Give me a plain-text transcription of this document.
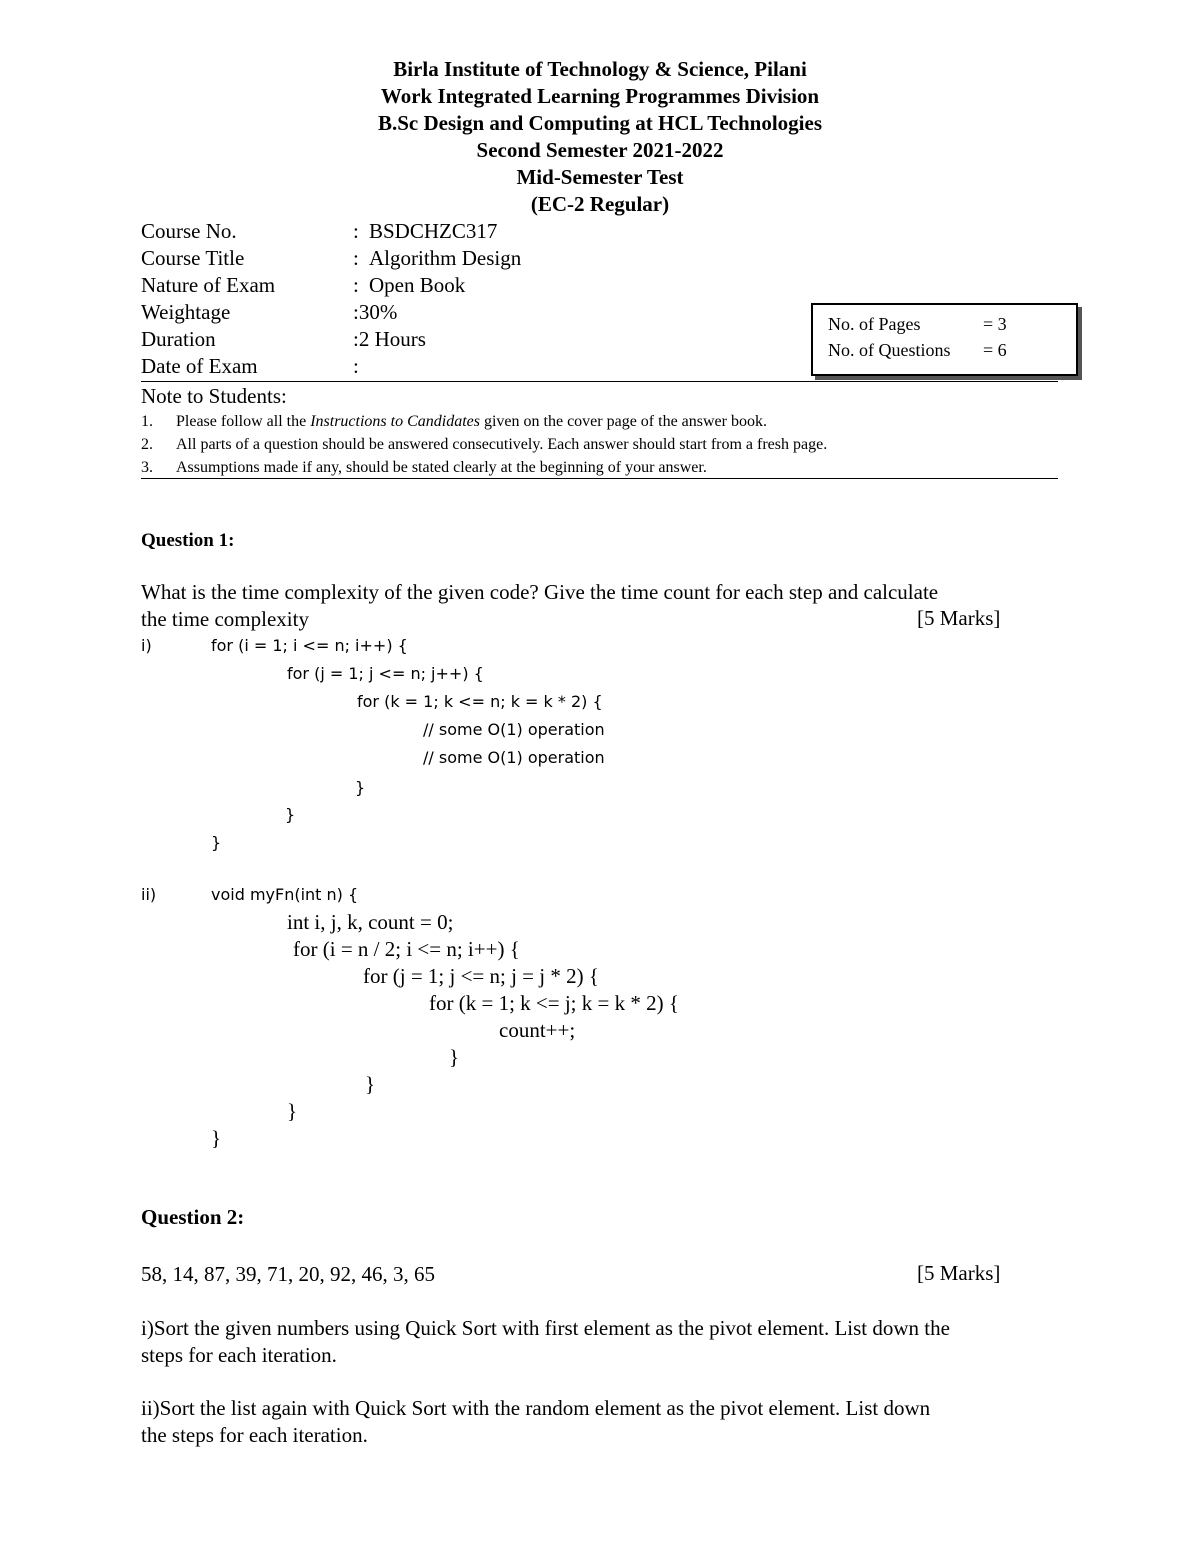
Birla Institute of Technology & Science, Pilani
Work Integrated Learning Programmes Division
B.Sc Design and Computing at HCL Technologies
Second Semester 2021-2022
Mid-Semester Test
(EC-2 Regular)
Course No.	: BSDCHZC317
Course Title	: Algorithm Design
Nature of Exam	: Open Book
Weightage	: 30%
Duration	: 2 Hours
Date of Exam	:
No. of Pages	= 3
No. of Questions	= 6
Note to Students:
1.	Please follow all the Instructions to Candidates given on the cover page of the answer book.
2.	All parts of a question should be answered consecutively. Each answer should start from a fresh page.
3.	Assumptions made if any, should be stated clearly at the beginning of your answer.
Question 1:
What is the time complexity of the given code? Give the time count for each step and calculate
the time complexity	[5 Marks]
i)	for (i = 1; i <= n; i++) {
for (j = 1; j <= n; j++) {
for (k = 1; k <= n; k = k * 2) {
// some O(1) operation
// some O(1) operation
}
}
}
ii)	void myFn(int n) {
int i, j, k, count = 0;
for (i = n / 2; i <= n; i++) {
for (j = 1; j <= n; j = j * 2) {
for (k = 1; k <= j; k = k * 2) {
count++;
}
}
}
}
Question 2:
58, 14, 87, 39, 71, 20, 92, 46, 3, 65	[5 Marks]
i)Sort the given numbers using Quick Sort with first element as the pivot element. List down the
steps for each iteration.
ii)Sort the list again with Quick Sort with the random element as the pivot element. List down
the steps for each iteration.
